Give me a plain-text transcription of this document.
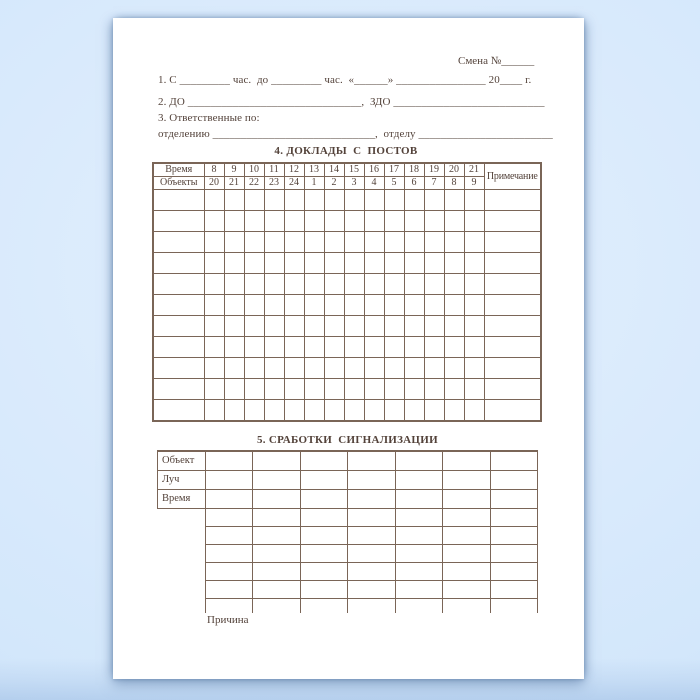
Смена №______
1. С _________ час.  до _________ час.  «______» ________________ 20____ г.
2. ДО _______________________________,  ЗДО ___________________________
3. Ответственные по:
отделению _____________________________,  отделу ________________________
4. ДОКЛАДЫ  С  ПОСТОВ
Время	8	9	10	11	12	13	14	15	16	17	18	19	20	21	Примечание
Объекты	20	21	22	23	24	1	2	3	4	5	6	7	8	9	

5. СРАБОТКИ  СИГНАЛИЗАЦИИ
Объект							
Луч							
Время							

Причина
